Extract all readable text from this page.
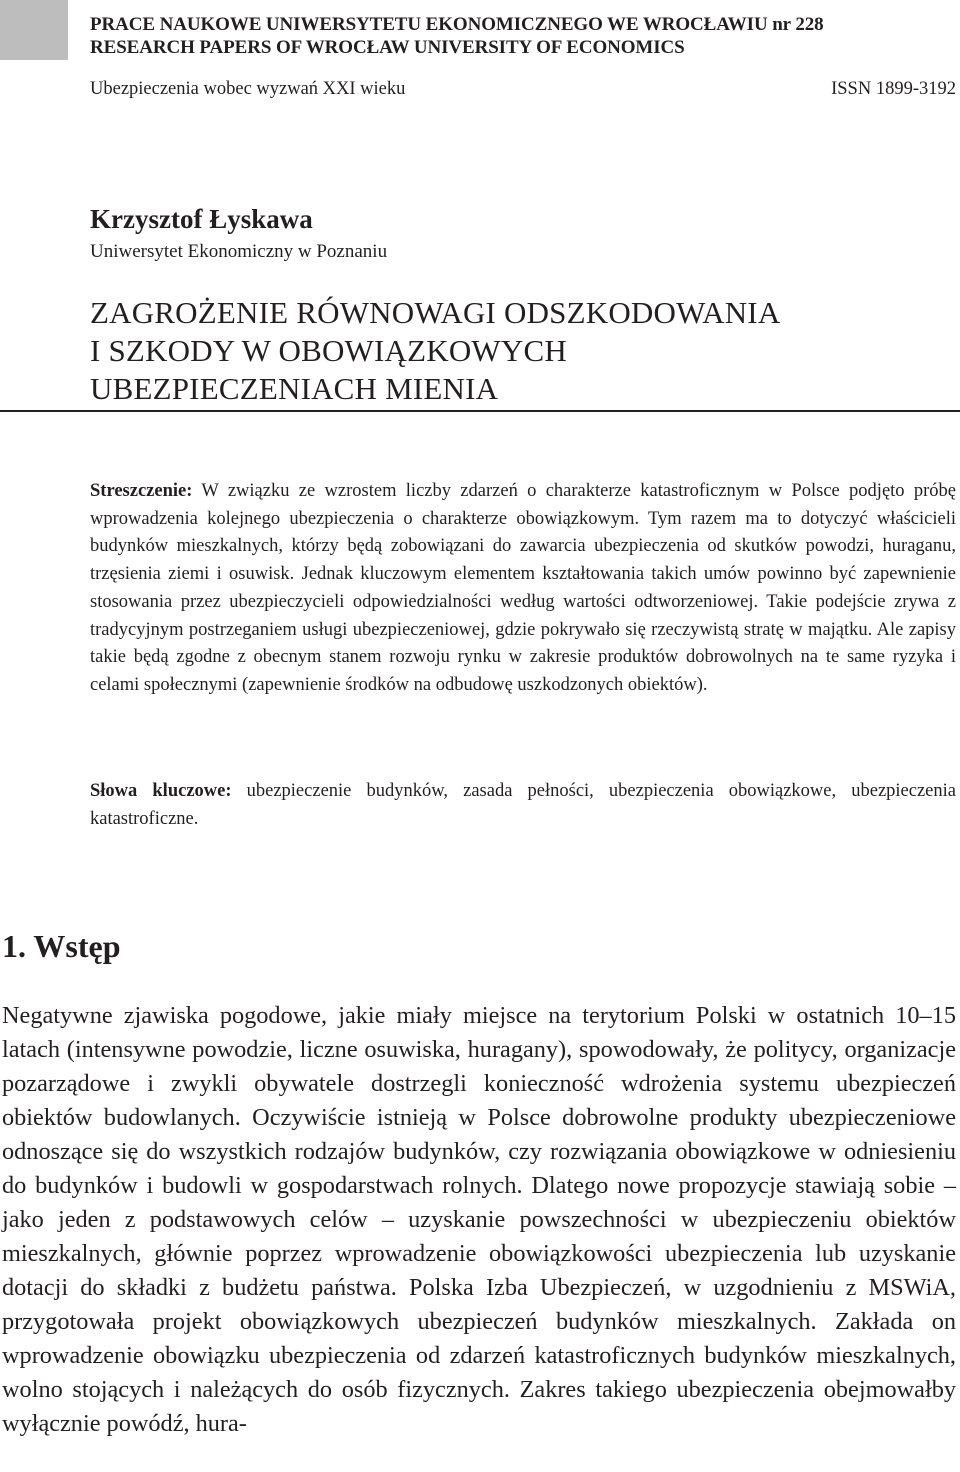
PRACE NAUKOWE UNIWERSYTETU EKONOMICZNEGO WE WROCŁAWIU nr 228
RESEARCH PAPERS OF WROCŁAW UNIVERSITY OF ECONOMICS
Ubezpieczenia wobec wyzwań XXI wieku	ISSN 1899-3192
Krzysztof Łyskawa
Uniwersytet Ekonomiczny w Poznaniu
ZAGROŻENIE RÓWNOWAGI ODSZKODOWANIA
I SZKODY W OBOWIĄZKOWYCH
UBEZPIECZENIACH MIENIA
Streszczenie: W związku ze wzrostem liczby zdarzeń o charakterze katastroficznym w Polsce podjęto próbę wprowadzenia kolejnego ubezpieczenia o charakterze obowiązkowym. Tym razem ma to dotyczyć właścicieli budynków mieszkalnych, którzy będą zobowiązani do zawarcia ubezpieczenia od skutków powodzi, huraganu, trzęsienia ziemi i osuwisk. Jednak kluczowym elementem kształtowania takich umów powinno być zapewnienie stosowania przez ubezpieczycieli odpowiedzialności według wartości odtworzeniowej. Takie podejście zrywa z tradycyjnym postrzeganiem usługi ubezpieczeniowej, gdzie pokrywało się rzeczywistą stratę w majątku. Ale zapisy takie będą zgodne z obecnym stanem rozwoju rynku w zakresie produktów dobrowolnych na te same ryzyka i celami społecznymi (zapewnienie środków na odbudowę uszkodzonych obiektów).
Słowa kluczowe: ubezpieczenie budynków, zasada pełności, ubezpieczenia obowiązkowe, ubezpieczenia katastroficzne.
1. Wstęp
Negatywne zjawiska pogodowe, jakie miały miejsce na terytorium Polski w ostatnich 10–15 latach (intensywne powodzie, liczne osuwiska, huragany), spowodowały, że politycy, organizacje pozarządowe i zwykli obywatele dostrzegli konieczność wdrożenia systemu ubezpieczeń obiektów budowlanych. Oczywiście istnieją w Polsce dobrowolne produkty ubezpieczeniowe odnoszące się do wszystkich rodzajów budynków, czy rozwiązania obowiązkowe w odniesieniu do budynków i budowli w gospodarstwach rolnych. Dlatego nowe propozycje stawiają sobie – jako jeden z podstawowych celów – uzyskanie powszechności w ubezpieczeniu obiektów mieszkalnych, głównie poprzez wprowadzenie obowiązkowości ubezpieczenia lub uzyskanie dotacji do składki z budżetu państwa. Polska Izba Ubezpieczeń, w uzgodnieniu z MSWiA, przygotowała projekt obowiązkowych ubezpieczeń budynków mieszkalnych. Zakłada on wprowadzenie obowiązku ubezpieczenia od zdarzeń katastroficznych budynków mieszkalnych, wolno stojących i należących do osób fizycznych. Zakres takiego ubezpieczenia obejmowałby wyłącznie powódź, hura-
